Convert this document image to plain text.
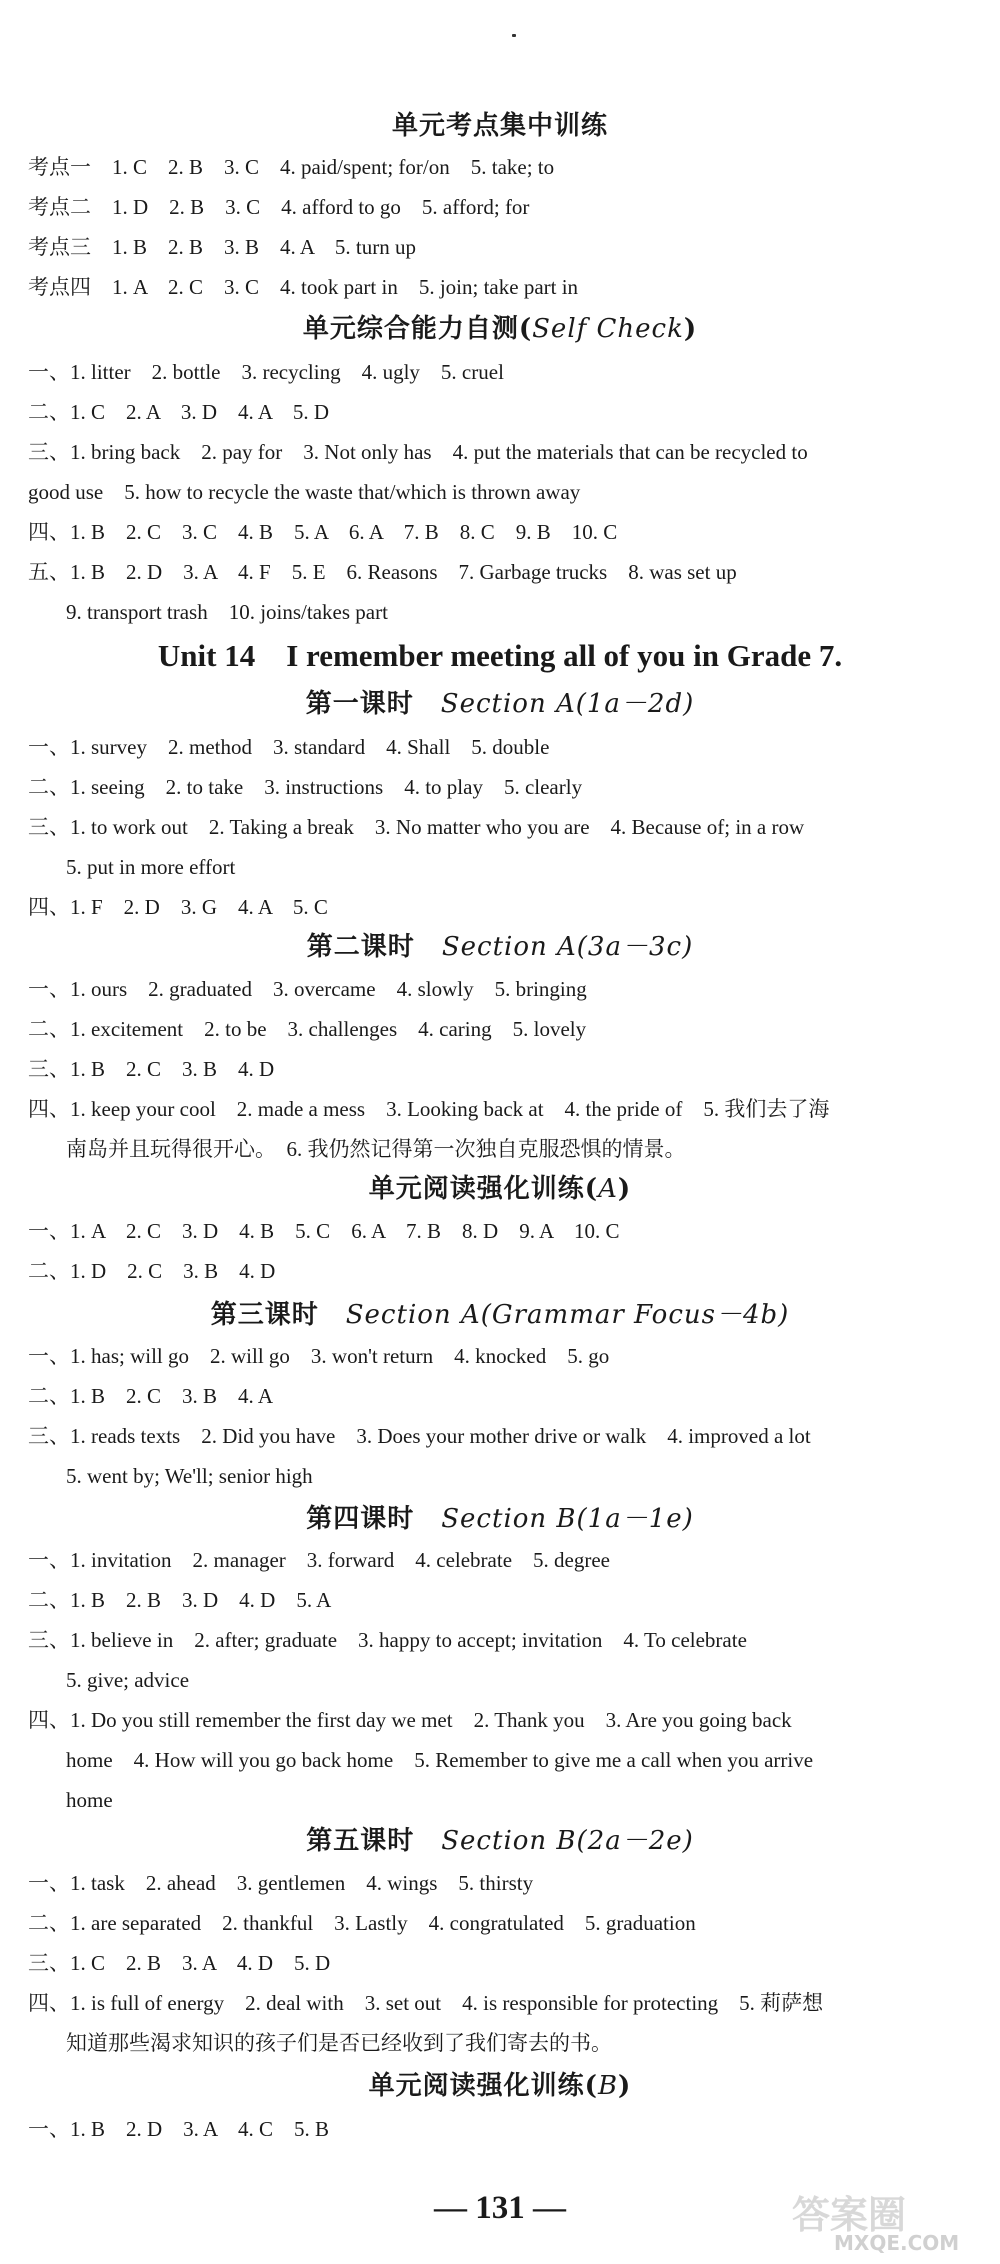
单元考点集中训练
考点一　1. C　2. B　3. C　4. paid/spent; for/on　5. take; to
考点二　1. D　2. B　3. C　4. afford to go　5. afford; for
考点三　1. B　2. B　3. B　4. A　5. turn up
考点四　1. A　2. C　3. C　4. took part in　5. join; take part in
单元综合能力自测(Self Check)
一、1. litter　2. bottle　3. recycling　4. ugly　5. cruel
二、1. C　2. A　3. D　4. A　5. D
三、1. bring back　2. pay for　3. Not only has　4. put the materials that can be recycled to
good use　5. how to recycle the waste that/which is thrown away
四、1. B　2. C　3. C　4. B　5. A　6. A　7. B　8. C　9. B　10. C
五、1. B　2. D　3. A　4. F　5. E　6. Reasons　7. Garbage trucks　8. was set up
9. transport trash　10. joins/takes part
Unit 14　I remember meeting all of you in Grade 7.
第一课时　 Section A(1a－2d)
一、1. survey　2. method　3. standard　4. Shall　5. double
二、1. seeing　2. to take　3. instructions　4. to play　5. clearly
三、1. to work out　2. Taking a break　3. No matter who you are　4. Because of; in a row
5. put in more effort
四、1. F　2. D　3. G　4. A　5. C
第二课时　 Section A(3a－3c)
一、1. ours　2. graduated　3. overcame　4. slowly　5. bringing
二、1. excitement　2. to be　3. challenges　4. caring　5. lovely
三、1. B　2. C　3. B　4. D
四、1. keep your cool　2. made a mess　3. Looking back at　4. the pride of　5. 我们去了海
南岛并且玩得很开心。　6. 我仍然记得第一次独自克服恐惧的情景。
单元阅读强化训练(A)
一、1. A　2. C　3. D　4. B　5. C　6. A　7. B　8. D　9. A　10. C
二、1. D　2. C　3. B　4. D
第三课时　 Section A(Grammar Focus－4b)
一、1. has; will go　2. will go　3. won't return　4. knocked　5. go
二、1. B　2. C　3. B　4. A
三、1. reads texts　2. Did you have　3. Does your mother drive or walk　4. improved a lot
5. went by; We'll; senior high
第四课时　 Section B(1a－1e)
一、1. invitation　2. manager　3. forward　4. celebrate　5. degree
二、1. B　2. B　3. D　4. D　5. A
三、1. believe in　2. after; graduate　3. happy to accept; invitation　4. To celebrate
5. give; advice
四、1. Do you still remember the first day we met　2. Thank you　3. Are you going back
home　4. How will you go back home　5. Remember to give me a call when you arrive
home
第五课时　 Section B(2a－2e)
一、1. task　2. ahead　3. gentlemen　4. wings　5. thirsty
二、1. are separated　2. thankful　3. Lastly　4. congratulated　5. graduation
三、1. C　2. B　3. A　4. D　5. D
四、1. is full of energy　2. deal with　3. set out　4. is responsible for protecting　5. 莉萨想
知道那些渴求知识的孩子们是否已经收到了我们寄去的书。
单元阅读强化训练(B)
一、1. B　2. D　3. A　4. C　5. B
— 131 —	答案圈
MXQE.COM
